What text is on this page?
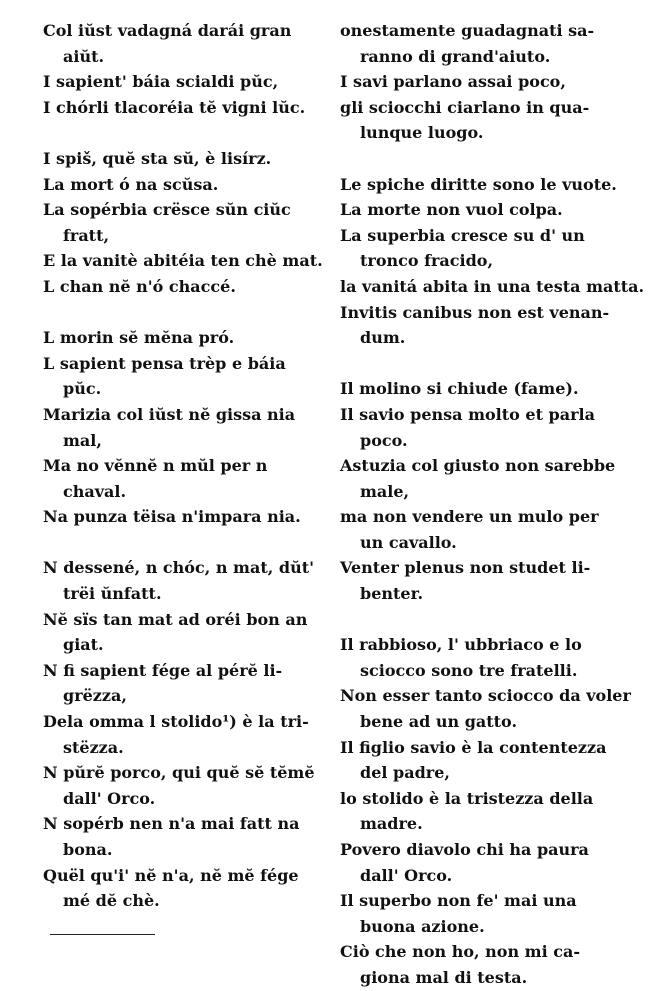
Col iŭst vadagná darái gran
aiŭt.
I sapient' báia scialdi pŭc,
I chórli tlacoréia tĕ vigni lŭc.
I spiš, quĕ sta sŭ, è lisírz.
La mort ó na scŭsa.
La sopérbia crësce sŭn ciŭc
fratt,
E la vanitè abitéia ten chè mat.
L chan nĕ n'ó chaccé.
L morin sĕ mĕna pró.
L sapient pensa trèp e báia
pŭc.
Marizia col iŭst nĕ gissa nia
mal,
Ma no vĕnnĕ n mŭl per n
chaval.
Na punza tëisa n'impara nia.
N dessené, n chóc, n mat, dŭt'
trëi ŭnfatt.
Nĕ sïs tan mat ad oréi bon an
giat.
N fi sapient fége al pérĕ li-
grëzza,
Dela omma l stolido¹) è la tri-
stëzza.
N pŭrĕ porco, qui quĕ sĕ tĕmĕ
dall' Orco.
N sopérb nen n'a mai fatt na
bona.
Quël qu'i' nĕ n'a, nĕ mĕ fége
mé dĕ chè.
onestamente guadagnati sa-
ranno di grand'aiuto.
I savi parlano assai poco,
gli sciocchi ciarlano in qua-
lunque luogo.
Le spiche diritte sono le vuote.
La morte non vuol colpa.
La superbia cresce su d' un
tronco fracido,
la vanitá abita in una testa matta.
Invitis canibus non est venan-
dum.
Il molino si chiude (fame).
Il savio pensa molto et parla
poco.
Astuzia col giusto non sarebbe
male,
ma non vendere un mulo per
un cavallo.
Venter plenus non studet li-
benter.
Il rabbioso, l' ubbriaco e lo
sciocco sono tre fratelli.
Non esser tanto sciocco da voler
bene ad un gatto.
Il figlio savio è la contentezza
del padre,
lo stolido è la tristezza della
madre.
Povero diavolo chi ha paura
dall' Orco.
Il superbo non fe' mai una
buona azione.
Ciò che non ho, non mi ca-
giona mal di testa.
